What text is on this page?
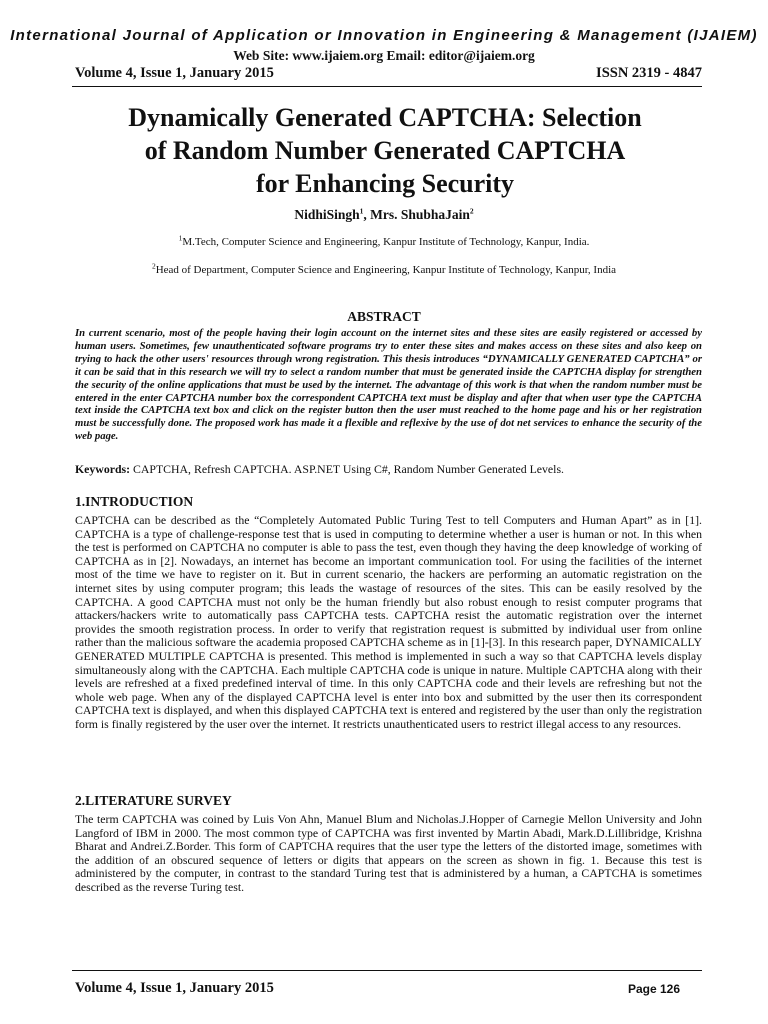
International Journal of Application or Innovation in Engineering & Management (IJAIEM)
Web Site: www.ijaiem.org Email: editor@ijaiem.org
Volume 4, Issue 1, January 2015	ISSN 2319 - 4847
Dynamically Generated CAPTCHA: Selection
of Random Number Generated CAPTCHA
for Enhancing Security
NidhiSingh$^1$, Mrs. ShubhaJain$^2$
$^1$M.Tech, Computer Science and Engineering, Kanpur Institute of Technology, Kanpur, India.
$^2$Head of Department, Computer Science and Engineering, Kanpur Institute of Technology, Kanpur, India
ABSTRACT

In current scenario, most of the people having their login account on the internet sites and these sites are easily registered or accessed by human users. Sometimes, few unauthenticated software programs try to enter these sites and makes access on these sites and also keep on trying to hack the other users' resources through wrong registration. This thesis introduces “DYNAMICALLY GENERATED CAPTCHA” or it can be said that in this research we will try to select a random number that must be generated inside the CAPTCHA display for strengthen the security of the online applications that must be used by the internet. The advantage of this work is that when the random number must be entered in the enter CAPTCHA number box the correspondent CAPTCHA text must be display and after that when user type the CAPTCHA text inside the CAPTCHA text box and click on the register button then the user must reached to the home page and his or her registration must be successfully done. The proposed work has made it a flexible and reflexive by the use of dot net services to enhance the security of the web page.

Keywords: CAPTCHA, Refresh CAPTCHA. ASP.NET Using C#, Random Number Generated Levels.

1.INTRODUCTION

CAPTCHA can be described as the “Completely Automated Public Turing Test to tell Computers and Human Apart” as in [1]. CAPTCHA is a type of challenge-response test that is used in computing to determine whether a user is human or not. In this when the test is performed on CAPTCHA no computer is able to pass the test, even though they having the deep knowledge of working of CAPTCHA as in [2]. Nowadays, an internet has become an important communication tool. For using the facilities of the internet most of the time we have to register on it. But in current scenario, the hackers are performing an automatic registration on the internet sites by using computer program; this leads the wastage of resources of the sites. This can be easily resolved by the CAPTCHA. A good CAPTCHA must not only be the human friendly but also robust enough to resist computer programs that attackers/hackers write to automatically pass CAPTCHA tests. CAPTCHA resist the automatic registration over the internet provides the smooth registration process. In order to verify that registration request is submitted by individual user from online rather than the malicious software the academia proposed CAPTCHA scheme as in [1]-[3]. In this research paper, DYNAMICALLY GENERATED MULTIPLE CAPTCHA is presented. This method is implemented in such a way so that CAPTCHA levels display simultaneously along with the CAPTCHA. Each multiple CAPTCHA code is unique in nature. Multiple CAPTCHA along with their levels are refreshed at a fixed predefined interval of time. In this only CAPTCHA code and their levels are refreshing but not the whole web page. When any of the displayed CAPTCHA level is enter into box and submitted by the user then its correspondent CAPTCHA text is displayed, and when this displayed CAPTCHA text is entered and registered by the user than only the registration form is finally registered by the user over the internet. It restricts unauthenticated users to restrict illegal access to any resources.

2.LITERATURE SURVEY

The term CAPTCHA was coined by Luis Von Ahn, Manuel Blum and Nicholas.J.Hopper of Carnegie Mellon University and John Langford of IBM in 2000. The most common type of CAPTCHA was first invented by Martin Abadi, Mark.D.Lillibridge, Krishna Bharat and Andrei.Z.Border. This form of CAPTCHA requires that the user type the letters of the distorted image, sometimes with the addition of an obscured sequence of letters or digits that appears on the screen as shown in fig. 1. Because this test is administered by the computer, in contrast to the standard Turing test that is administered by a human, a CAPTCHA is sometimes described as the reverse Turing test.

Volume 4, Issue 1, January 2015	Page 126
